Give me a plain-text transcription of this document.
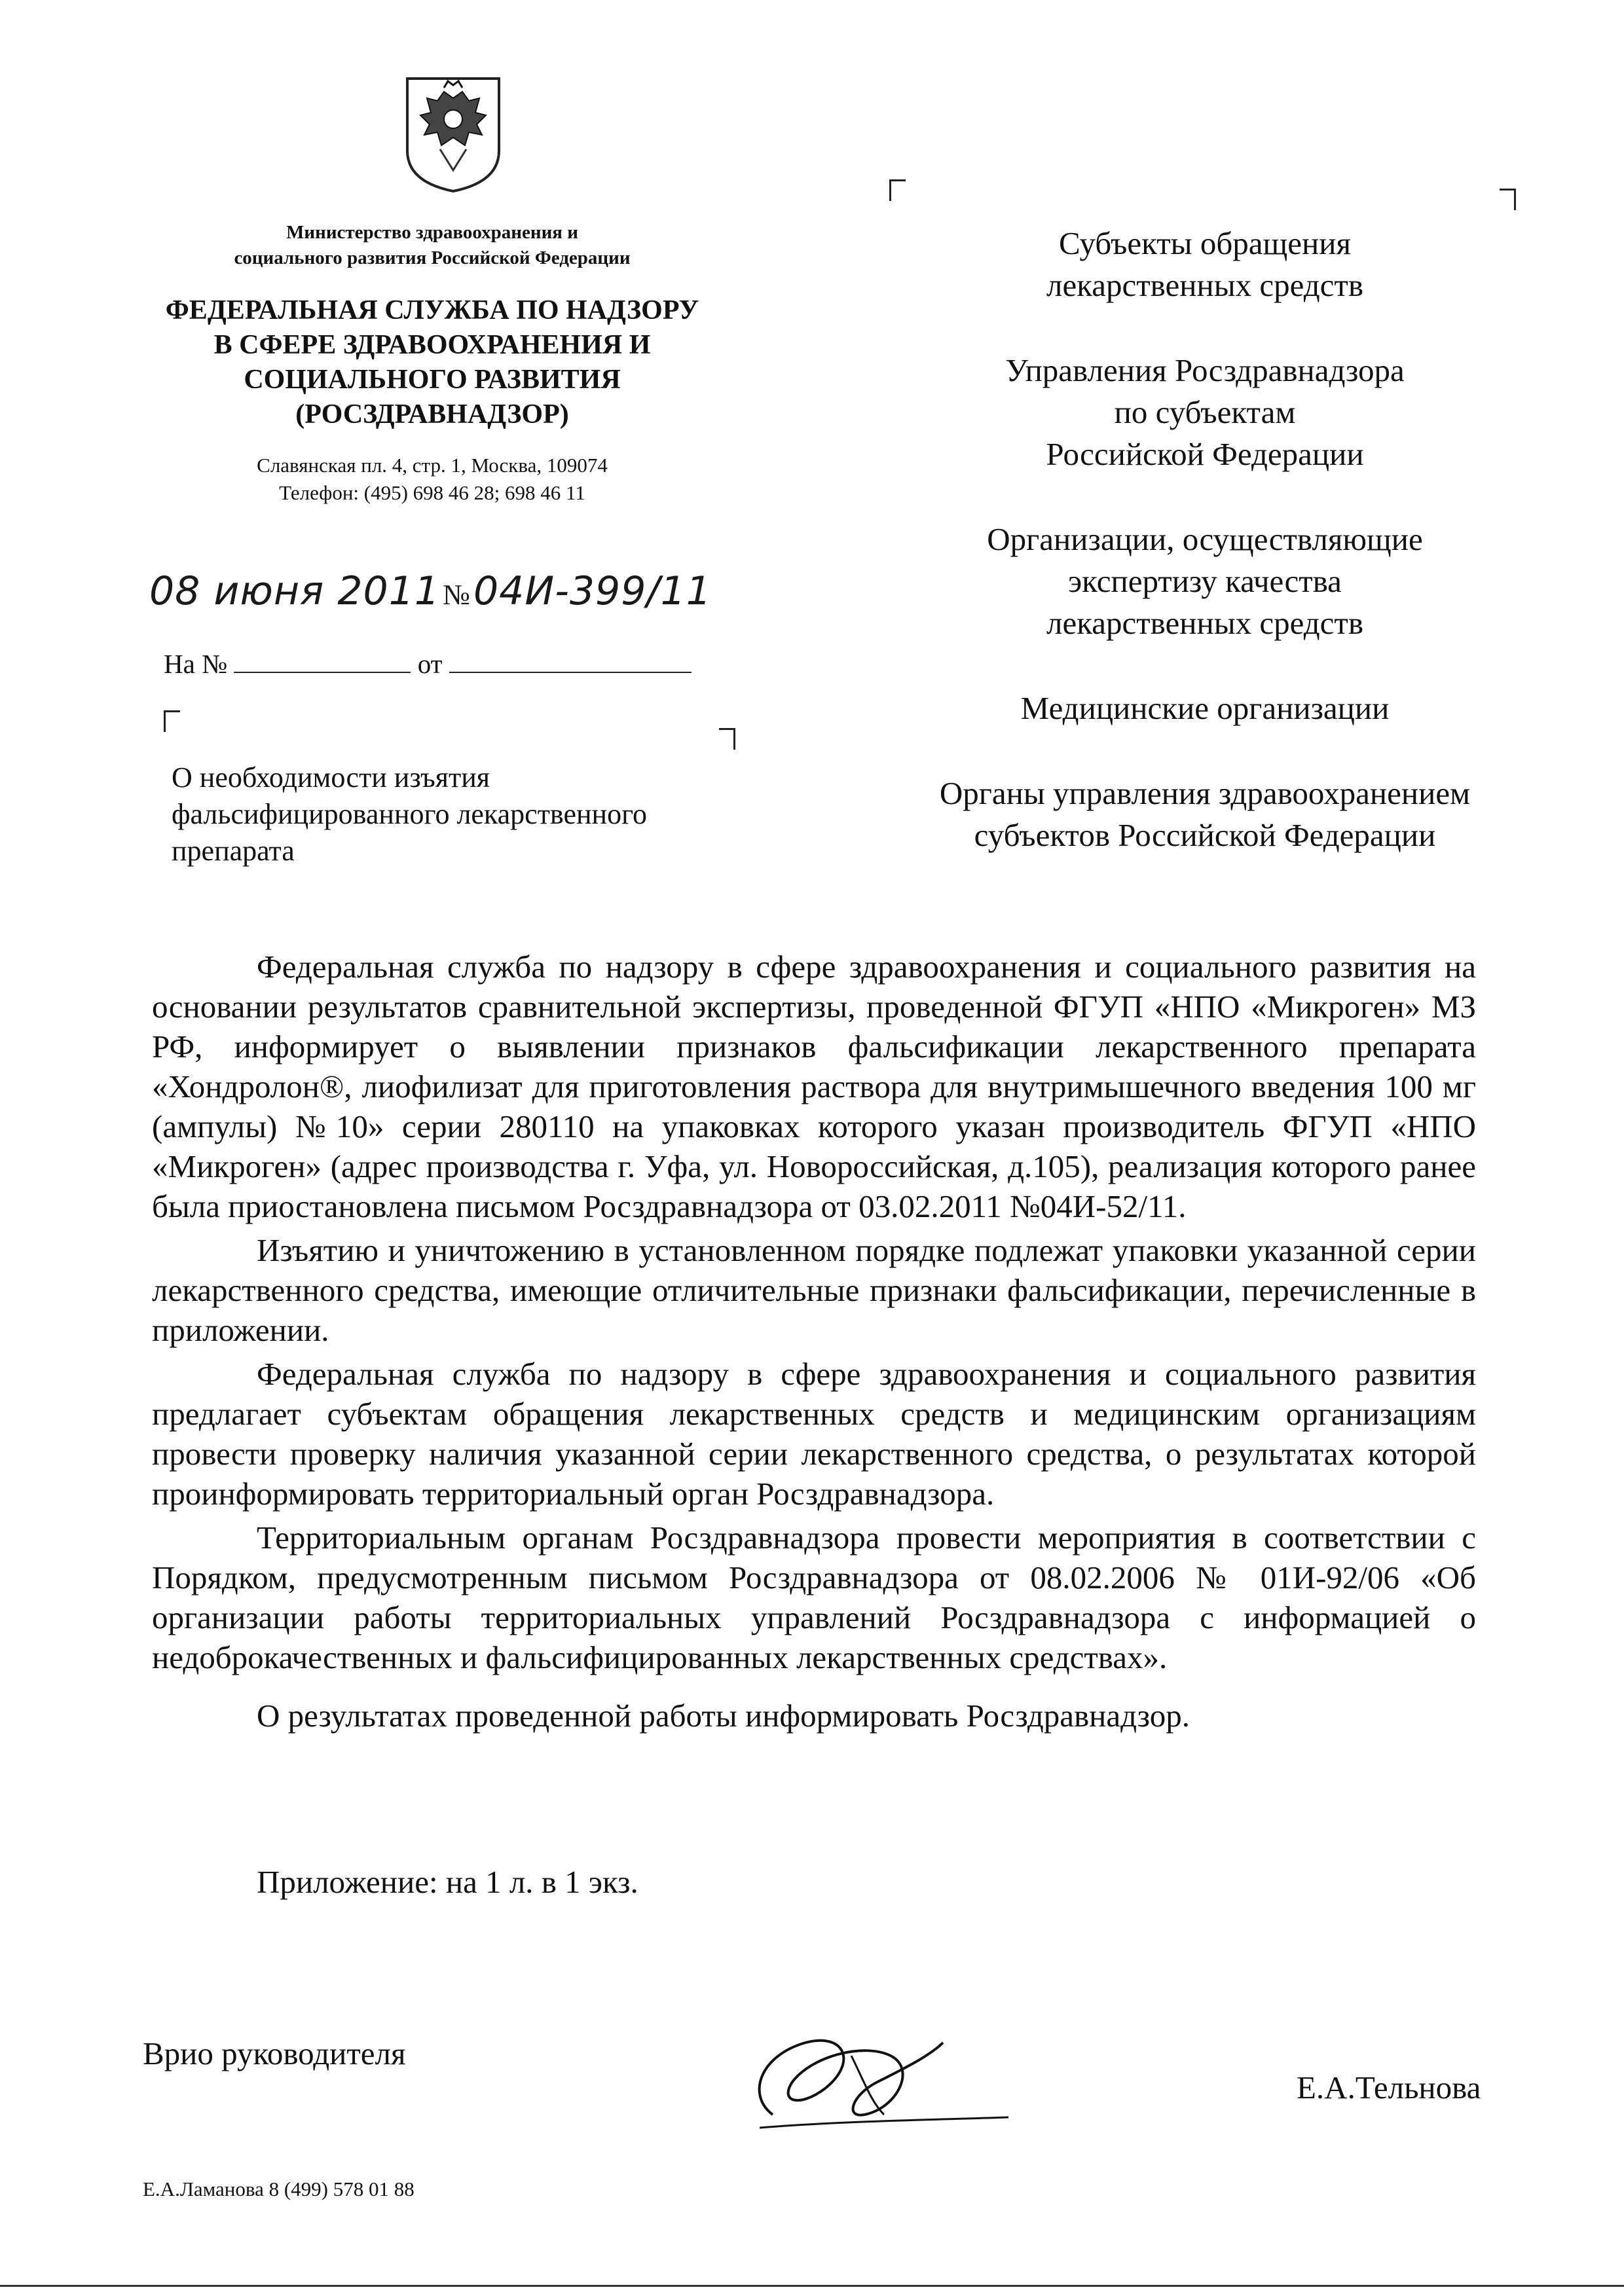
Министерство здравоохранения и
социального развития Российской Федерации
ФЕДЕРАЛЬНАЯ СЛУЖБА ПО НАДЗОРУ
В СФЕРЕ ЗДРАВООХРАНЕНИЯ И
СОЦИАЛЬНОГО РАЗВИТИЯ
(РОСЗДРАВНАДЗОР)
Славянская пл. 4, стр. 1, Москва, 109074
Телефон: (495) 698 46 28; 698 46 11
08 июня 2011 № 04И-399/11
На №	от
О необходимости изъятия
фальсифицированного лекарственного
препарата
Субъекты обращения
лекарственных средств
Управления Росздравнадзора
по субъектам
Российской Федерации
Организации, осуществляющие
экспертизу качества
лекарственных средств
Медицинские организации
Органы управления здравоохранением
субъектов Российской Федерации

Федеральная служба по надзору в сфере здравоохранения и социального развития на основании результатов сравнительной экспертизы, проведенной ФГУП «НПО «Микроген» МЗ РФ, информирует о выявлении признаков фальсификации лекарственного препарата «Хондролон®, лиофилизат для приготовления раствора для внутримышечного введения 100 мг (ампулы) №10» серии 280110 на упаковках которого указан производитель ФГУП «НПО «Микроген» (адрес производства г. Уфа, ул. Новороссийская, д.105), реализация которого ранее была приостановлена письмом Росздравнадзора от 03.02.2011 №04И-52/11.

Изъятию и уничтожению в установленном порядке подлежат упаковки указанной серии лекарственного средства, имеющие отличительные признаки фальсификации, перечисленные в приложении.

Федеральная служба по надзору в сфере здравоохранения и социального развития предлагает субъектам обращения лекарственных средств и медицинским организациям провести проверку наличия указанной серии лекарственного средства, о результатах которой проинформировать территориальный орган Росздравнадзора.

Территориальным органам Росздравнадзора провести мероприятия в соответствии с Порядком, предусмотренным письмом Росздравнадзора от 08.02.2006 № 01И-92/06 «Об организации работы территориальных управлений Росздравнадзора с информацией о недоброкачественных и фальсифицированных лекарственных средствах».

О результатах проведенной работы информировать Росздравнадзор.

Приложение: на 1 л. в 1 экз.
Врио руководителя
Е.А.Тельнова
Е.А.Ламанова 8 (499) 578 01 88
